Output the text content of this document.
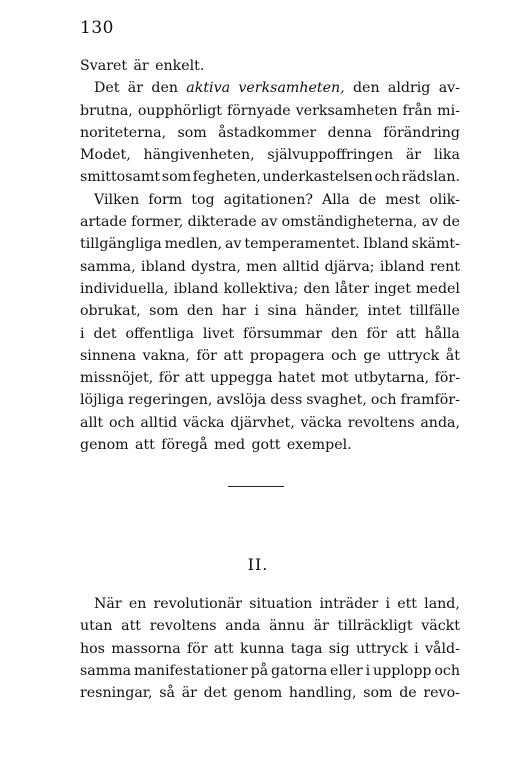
130
Svaret är enkelt.
Det är den aktiva verksamheten, den aldrig av-
brutna, oupphörligt förnyade verksamheten från mi-
noriteterna, som åstadkommer denna förändring
Modet, hängivenheten, självuppoffringen är lika
smittosamt som fegheten, underkastelsen och rädslan.
Vilken form tog agitationen? Alla de mest olik-
artade former, dikterade av omständigheterna, av de
tillgängliga medlen, av temperamentet. Ibland skämt-
samma, ibland dystra, men alltid djärva; ibland rent
individuella, ibland kollektiva; den låter inget medel
obrukat, som den har i sina händer, intet tillfälle
i det offentliga livet försummar den för att hålla
sinnena vakna, för att propagera och ge uttryck åt
missnöjet, för att uppegga hatet mot utbytarna, för-
löjliga regeringen, avslöja dess svaghet, och framför-
allt och alltid väcka djärvhet, väcka revoltens anda,
genom att föregå med gott exempel.
II.
När en revolutionär situation inträder i ett land,
utan att revoltens anda ännu är tillräckligt väckt
hos massorna för att kunna taga sig uttryck i våld-
samma manifestationer på gatorna eller i upplopp och
resningar, så är det genom handling, som de revo-
